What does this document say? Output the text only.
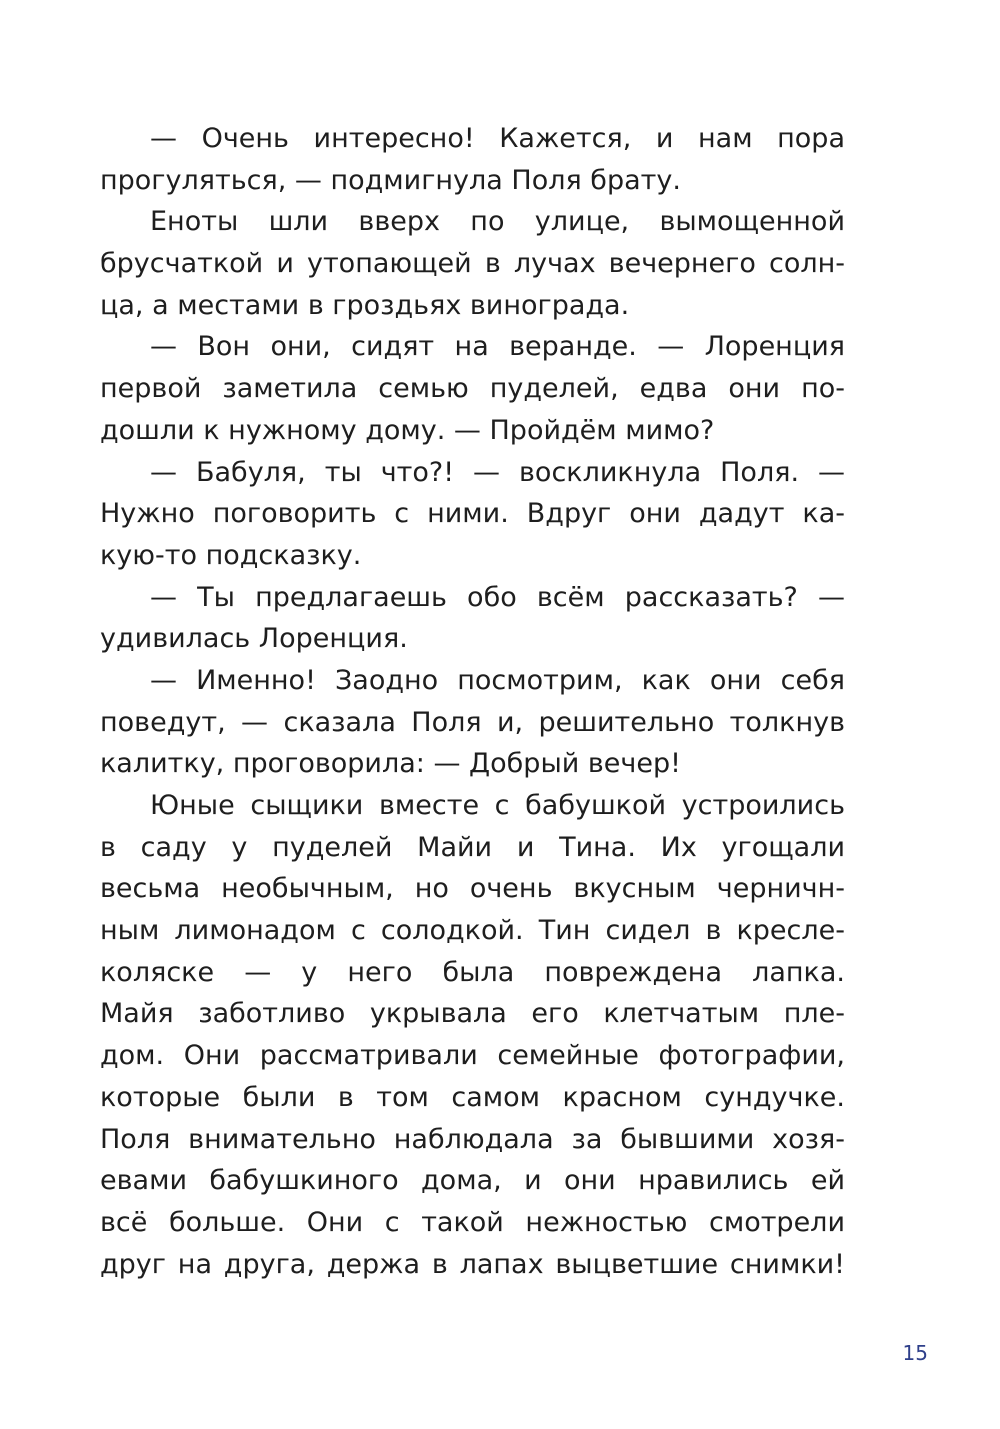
— Очень интересно! Кажется, и нам пора
прогуляться, — подмигнула Поля брату.
Еноты шли вверх по улице, вымощенной
брусчаткой и утопающей в лучах вечернего солн-
ца, а местами в гроздьях винограда.
— Вон они, сидят на веранде. — Лоренция
первой заметила семью пуделей, едва они по-
дошли к нужному дому. — Пройдём мимо?
— Бабуля, ты что?! — воскликнула Поля. —
Нужно поговорить с ними. Вдруг они дадут ка-
кую-то подсказку.
— Ты предлагаешь обо всём рассказать? —
удивилась Лоренция.
— Именно! Заодно посмотрим, как они себя
поведут, — сказала Поля и, решительно толкнув
калитку, проговорила: — Добрый вечер!
Юные сыщики вместе с бабушкой устроились
в саду у пуделей Майи и Тина. Их угощали
весьма необычным, но очень вкусным черничн-
ным лимонадом с солодкой. Тин сидел в кресле-
коляске — у него была повреждена лапка.
Майя заботливо укрывала его клетчатым пле-
дом. Они рассматривали семейные фотографии,
которые были в том самом красном сундучке.
Поля внимательно наблюдала за бывшими хозя-
евами бабушкиного дома, и они нравились ей
всё больше. Они с такой нежностью смотрели
друг на друга, держа в лапах выцветшие снимки!
15
